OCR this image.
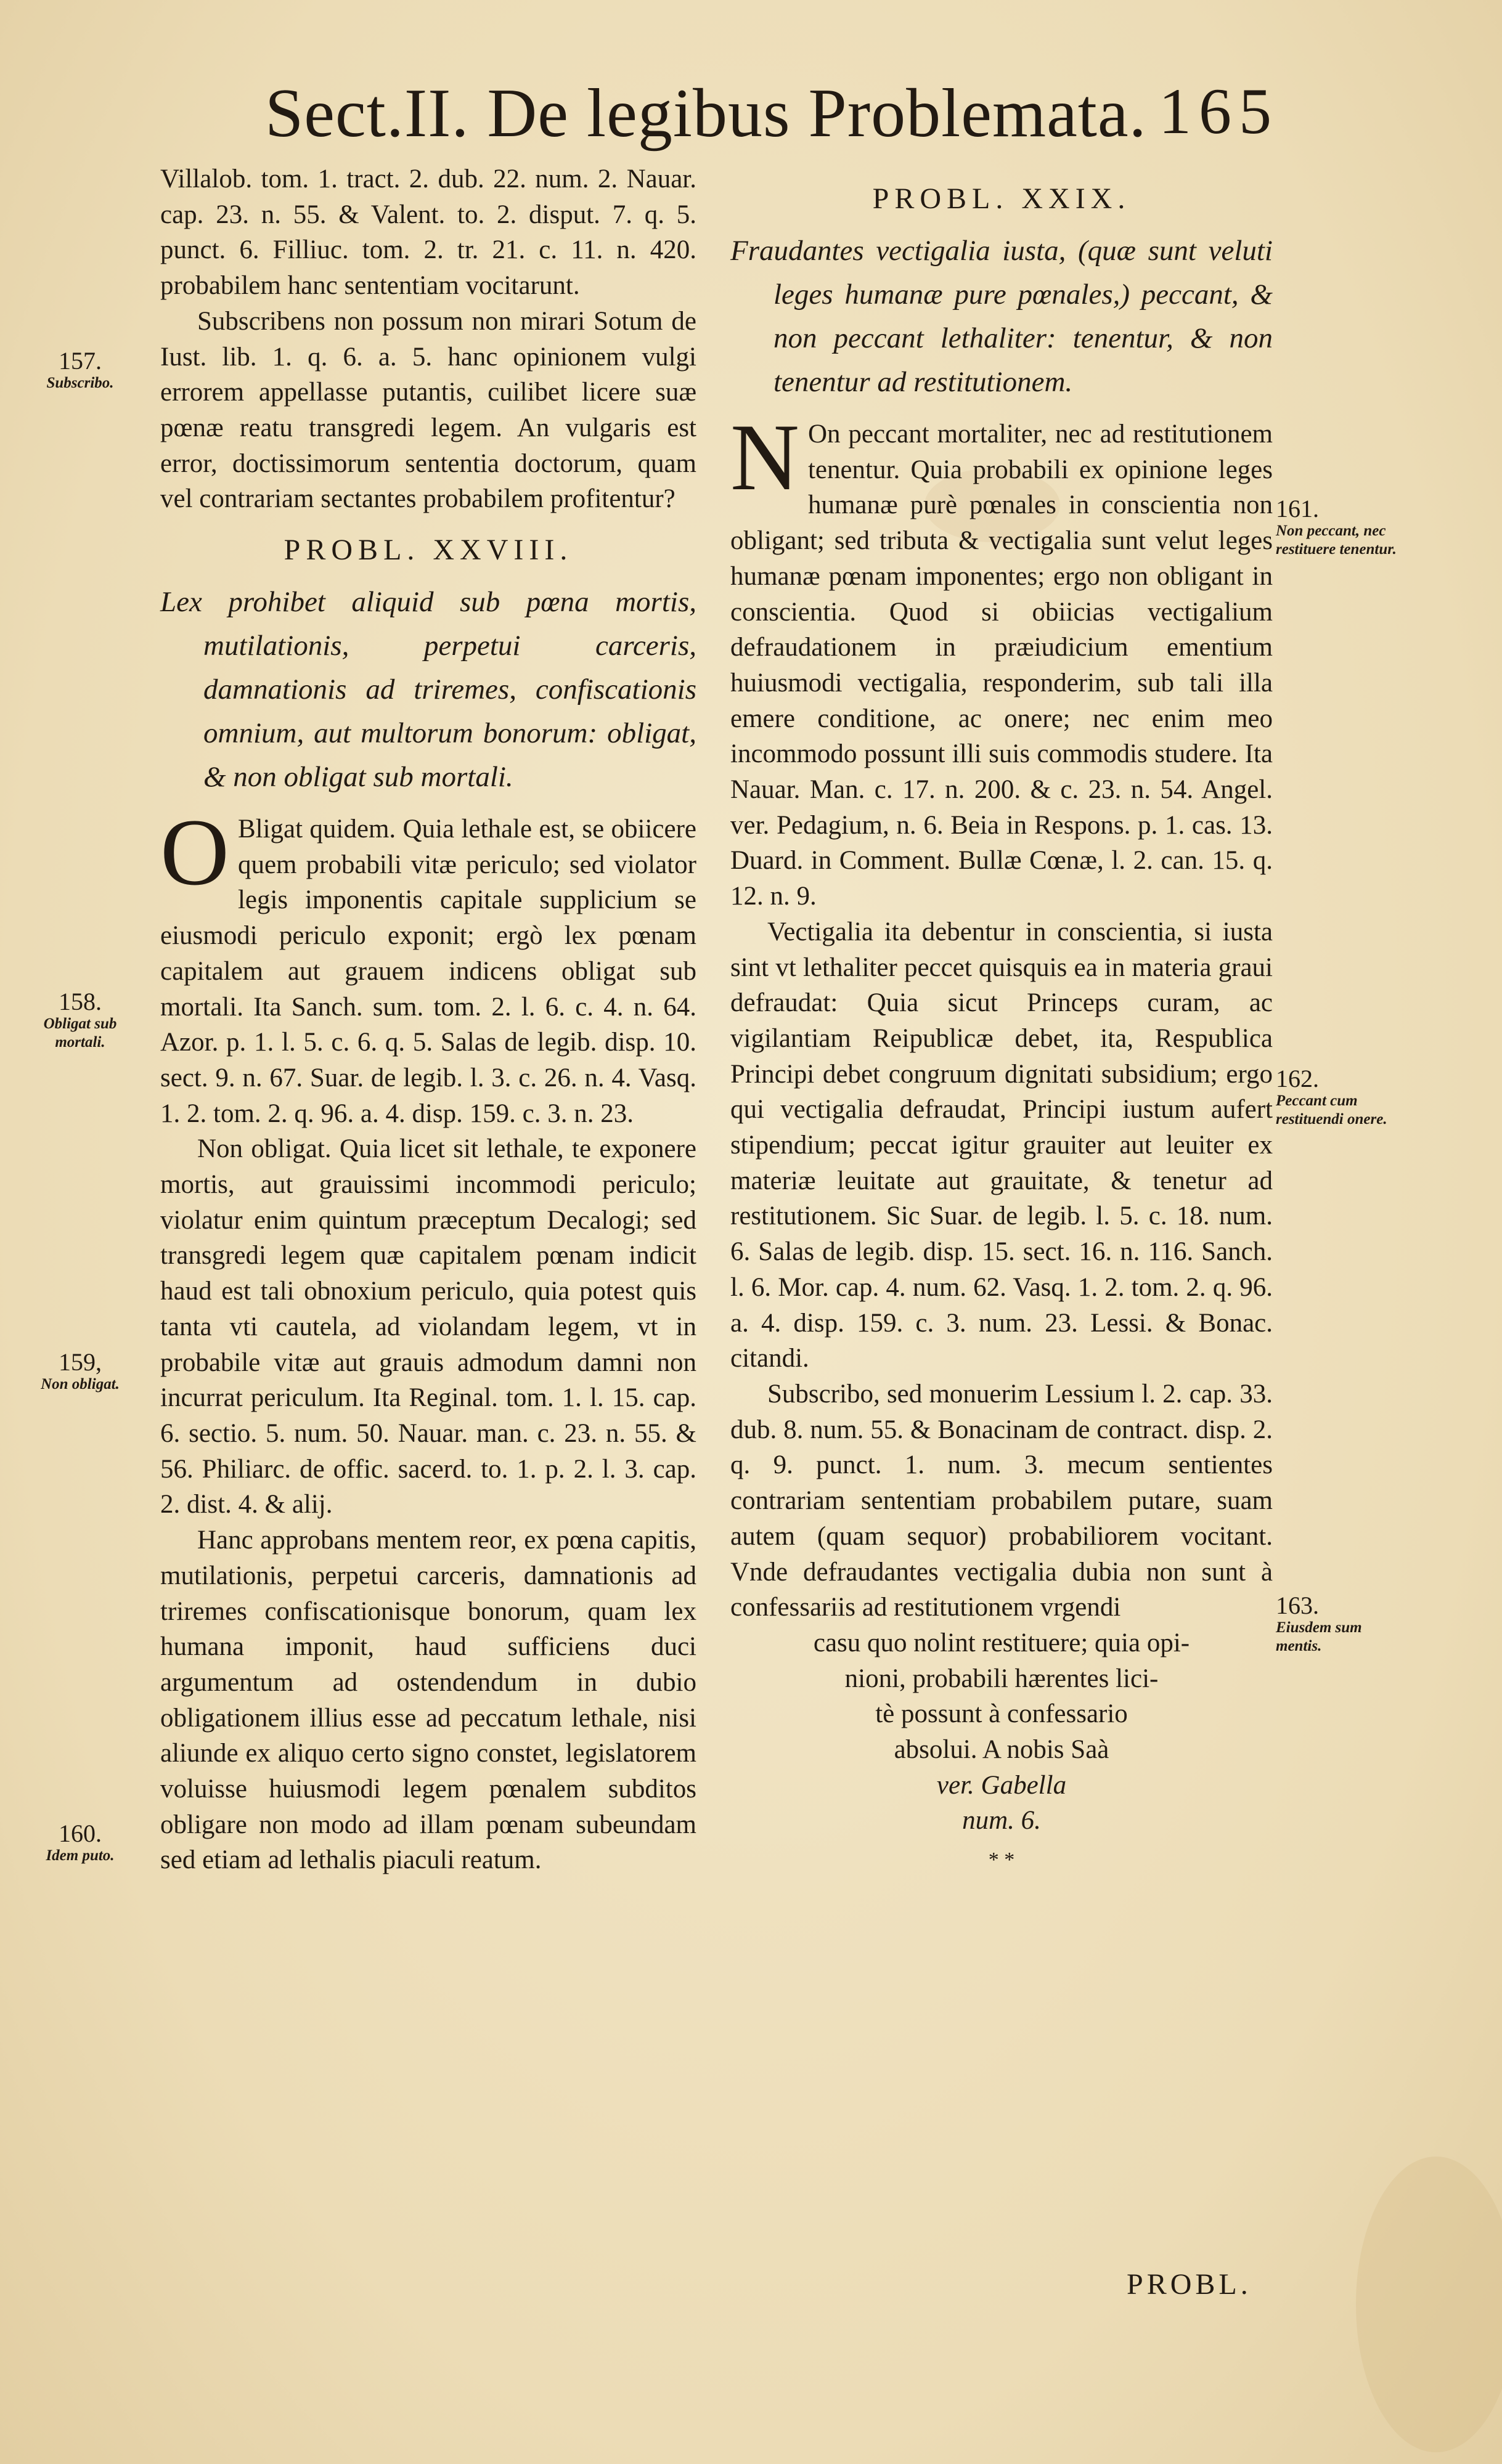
Sect.II. De legibus Problemata. 165

Villalob. tom. 1. tract. 2. dub. 22. num. 2. Nauar. cap. 23. n. 55. & Valent. to. 2. disput. 7. q. 5. punct. 6. Filliuc. tom. 2. tr. 21. c. 11. n. 420. probabilem hanc sententiam vocitarunt.

Subscribens non possum non mirari Sotum de Iust. lib. 1. q. 6. a. 5. hanc opinionem vulgi errorem appellasse putantis, cuilibet licere suæ pœnæ reatu transgredi legem. An vulgaris est error, doctissimorum sententia doctorum, quam vel contrariam sectantes probabilem profitentur?

PROBL. XXVIII.

Lex prohibet aliquid sub pœna mortis, mutilationis, perpetui carceris, damnationis ad triremes, confiscationis omnium, aut multorum bonorum: obligat, & non obligat sub mortali.

O Bligat quidem. Quia lethale est, se obiicere quem probabili vitæ periculo; sed violator legis imponentis capitale supplicium se eiusmodi periculo exponit; ergò lex pœnam capitalem aut grauem indicens obligat sub mortali. Ita Sanch. sum. tom. 2. l. 6. c. 4. n. 64. Azor. p. 1. l. 5. c. 6. q. 5. Salas de legib. disp. 10. sect. 9. n. 67. Suar. de legib. l. 3. c. 26. n. 4. Vasq. 1. 2. tom. 2. q. 96. a. 4. disp. 159. c. 3. n. 23.

Non obligat. Quia licet sit lethale, te exponere mortis, aut grauissimi incommodi periculo; violatur enim quintum præceptum Decalogi; sed transgredi legem quæ capitalem pœnam indicit haud est tali obnoxium periculo, quia potest quis tanta vti cautela, ad violandam legem, vt in probabile vitæ aut grauis admodum damni non incurrat periculum. Ita Reginal. tom. 1. l. 15. cap. 6. sectio. 5. num. 50. Nauar. man. c. 23. n. 55. & 56. Philiarc. de offic. sacerd. to. 1. p. 2. l. 3. cap. 2. dist. 4. & alij.

Hanc approbans mentem reor, ex pœna capitis, mutilationis, perpetui carceris, damnationis ad triremes confiscationisque bonorum, quam lex humana imponit, haud sufficiens duci argumentum ad ostendendum in dubio obligationem illius esse ad peccatum lethale, nisi aliunde ex aliquo certo signo constet, legislatorem voluisse huiusmodi legem pœnalem subditos obligare non modo ad illam pœnam subeundam sed etiam ad lethalis piaculi reatum.

PROBL. XXIX.

Fraudantes vectigalia iusta, (quæ sunt veluti leges humanæ pure pœnales,) peccant, & non peccant lethaliter: tenentur, & non tenentur ad restitutionem.

N On peccant mortaliter, nec ad restitutionem tenentur. Quia probabili ex opinione leges humanæ purè pœnales in conscientia non obligant; sed tributa & vectigalia sunt velut leges humanæ pœnam imponentes; ergo non obligant in conscientia. Quod si obiicias vectigalium defraudationem in præiudicium ementium huiusmodi vectigalia, responderim, sub tali illa emere conditione, ac onere; nec enim meo incommodo possunt illi suis commodis studere. Ita Nauar. Man. c. 17. n. 200. & c. 23. n. 54. Angel. ver. Pedagium, n. 6. Beia in Respons. p. 1. cas. 13. Duard. in Comment. Bullæ Cœnæ, l. 2. can. 15. q. 12. n. 9.

Vectigalia ita debentur in conscientia, si iusta sint vt lethaliter peccet quisquis ea in materia graui defraudat: Quia sicut Princeps curam, ac vigilantiam Reipublicæ debet, ita, Respublica Principi debet congruum dignitati subsidium; ergo qui vectigalia defraudat, Principi iustum aufert stipendium; peccat igitur grauiter aut leuiter ex materiæ leuitate aut grauitate, & tenetur ad restitutionem. Sic Suar. de legib. l. 5. c. 18. num. 6. Salas de legib. disp. 15. sect. 16. n. 116. Sanch. l. 6. Mor. cap. 4. num. 62. Vasq. 1. 2. tom. 2. q. 96. a. 4. disp. 159. c. 3. num. 23. Lessi. & Bonac. citandi.

Subscribo, sed monuerim Lessium l. 2. cap. 33. dub. 8. num. 55. & Bonacinam de contract. disp. 2. q. 9. punct. 1. num. 3. mecum sentientes contrariam sententiam probabilem putare, suam autem (quam sequor) probabiliorem vocitant. Vnde defraudantes vectigalia dubia non sunt à confessariis ad restitutionem vrgendi

casu quo nolint restituere; quia opi-
nioni, probabili hærentes lici-
tè possunt à confessario
absolui. A nobis Saà
ver. Gabella
num. 6.
* *
PROBL.
157.
Subscribo.
158.
Obligat sub mortali.
159,
Non obligat.
160.
Idem puto.
161.
Non peccant, nec restituere tenentur.
162.
Peccant cum restituendi onere.
163.
Eiusdem sum mentis.
